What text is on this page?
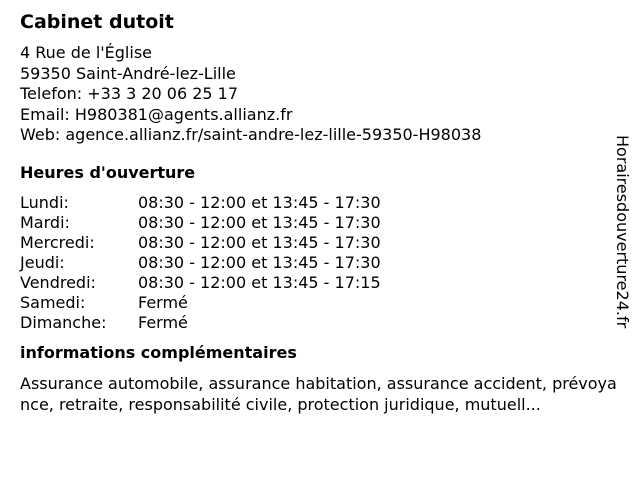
Cabinet dutoit
4 Rue de l'Église
59350 Saint-André-lez-Lille
Telefon: +33 3 20 06 25 17
Email: H980381@agents.allianz.fr
Web: agence.allianz.fr/saint-andre-lez-lille-59350-H98038
Heures d'ouverture
Lundi:	08:30 - 12:00 et 13:45 - 17:30
Mardi:	08:30 - 12:00 et 13:45 - 17:30
Mercredi:	08:30 - 12:00 et 13:45 - 17:30
Jeudi:	08:30 - 12:00 et 13:45 - 17:30
Vendredi:	08:30 - 12:00 et 13:45 - 17:15
Samedi:	Fermé
Dimanche:	Fermé
informations complémentaires
Assurance automobile, assurance habitation, assurance accident, prévoyance, retraite, responsabilité civile, protection juridique, mutuell...
Horairesdouverture24.fr
